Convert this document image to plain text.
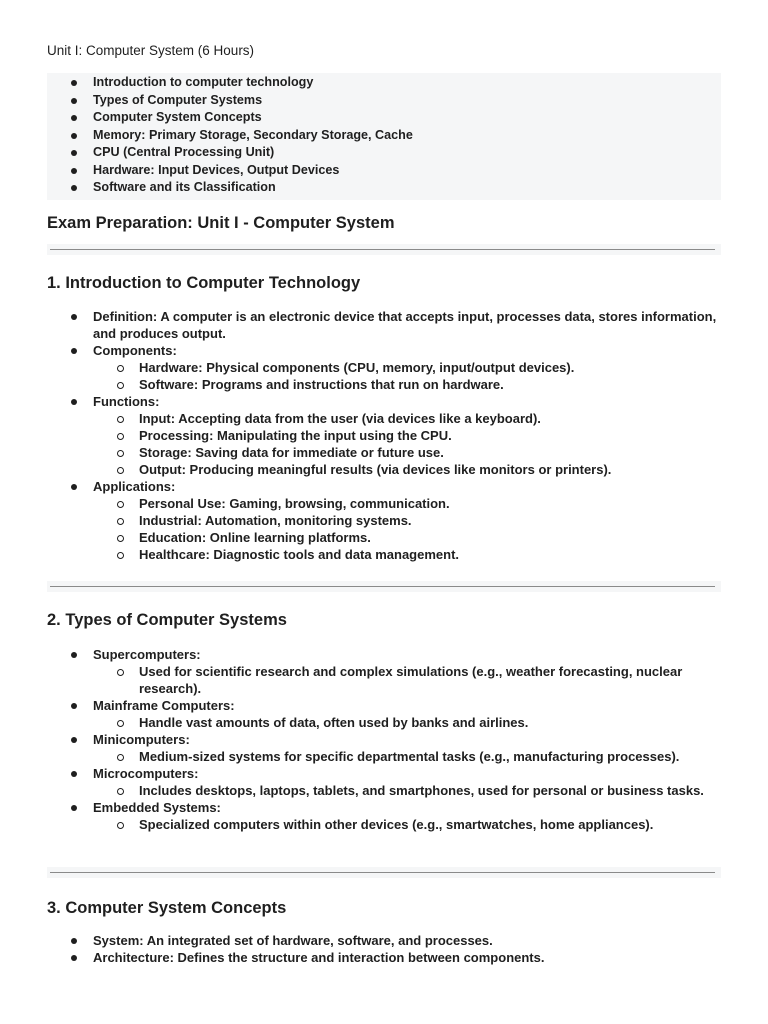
Unit I: Computer System (6 Hours)
Introduction to computer technology
Types of Computer Systems
Computer System Concepts
Memory: Primary Storage, Secondary Storage, Cache
CPU (Central Processing Unit)
Hardware: Input Devices, Output Devices
Software and its Classification
Exam Preparation: Unit I - Computer System
1. Introduction to Computer Technology
Definition: A computer is an electronic device that accepts input, processes data, stores information, and produces output.
Components:
Hardware: Physical components (CPU, memory, input/output devices).
Software: Programs and instructions that run on hardware.
Functions:
Input: Accepting data from the user (via devices like a keyboard).
Processing: Manipulating the input using the CPU.
Storage: Saving data for immediate or future use.
Output: Producing meaningful results (via devices like monitors or printers).
Applications:
Personal Use: Gaming, browsing, communication.
Industrial: Automation, monitoring systems.
Education: Online learning platforms.
Healthcare: Diagnostic tools and data management.
2. Types of Computer Systems
Supercomputers:
Used for scientific research and complex simulations (e.g., weather forecasting, nuclear research).
Mainframe Computers:
Handle vast amounts of data, often used by banks and airlines.
Minicomputers:
Medium-sized systems for specific departmental tasks (e.g., manufacturing processes).
Microcomputers:
Includes desktops, laptops, tablets, and smartphones, used for personal or business tasks.
Embedded Systems:
Specialized computers within other devices (e.g., smartwatches, home appliances).
3. Computer System Concepts
System: An integrated set of hardware, software, and processes.
Architecture: Defines the structure and interaction between components.
